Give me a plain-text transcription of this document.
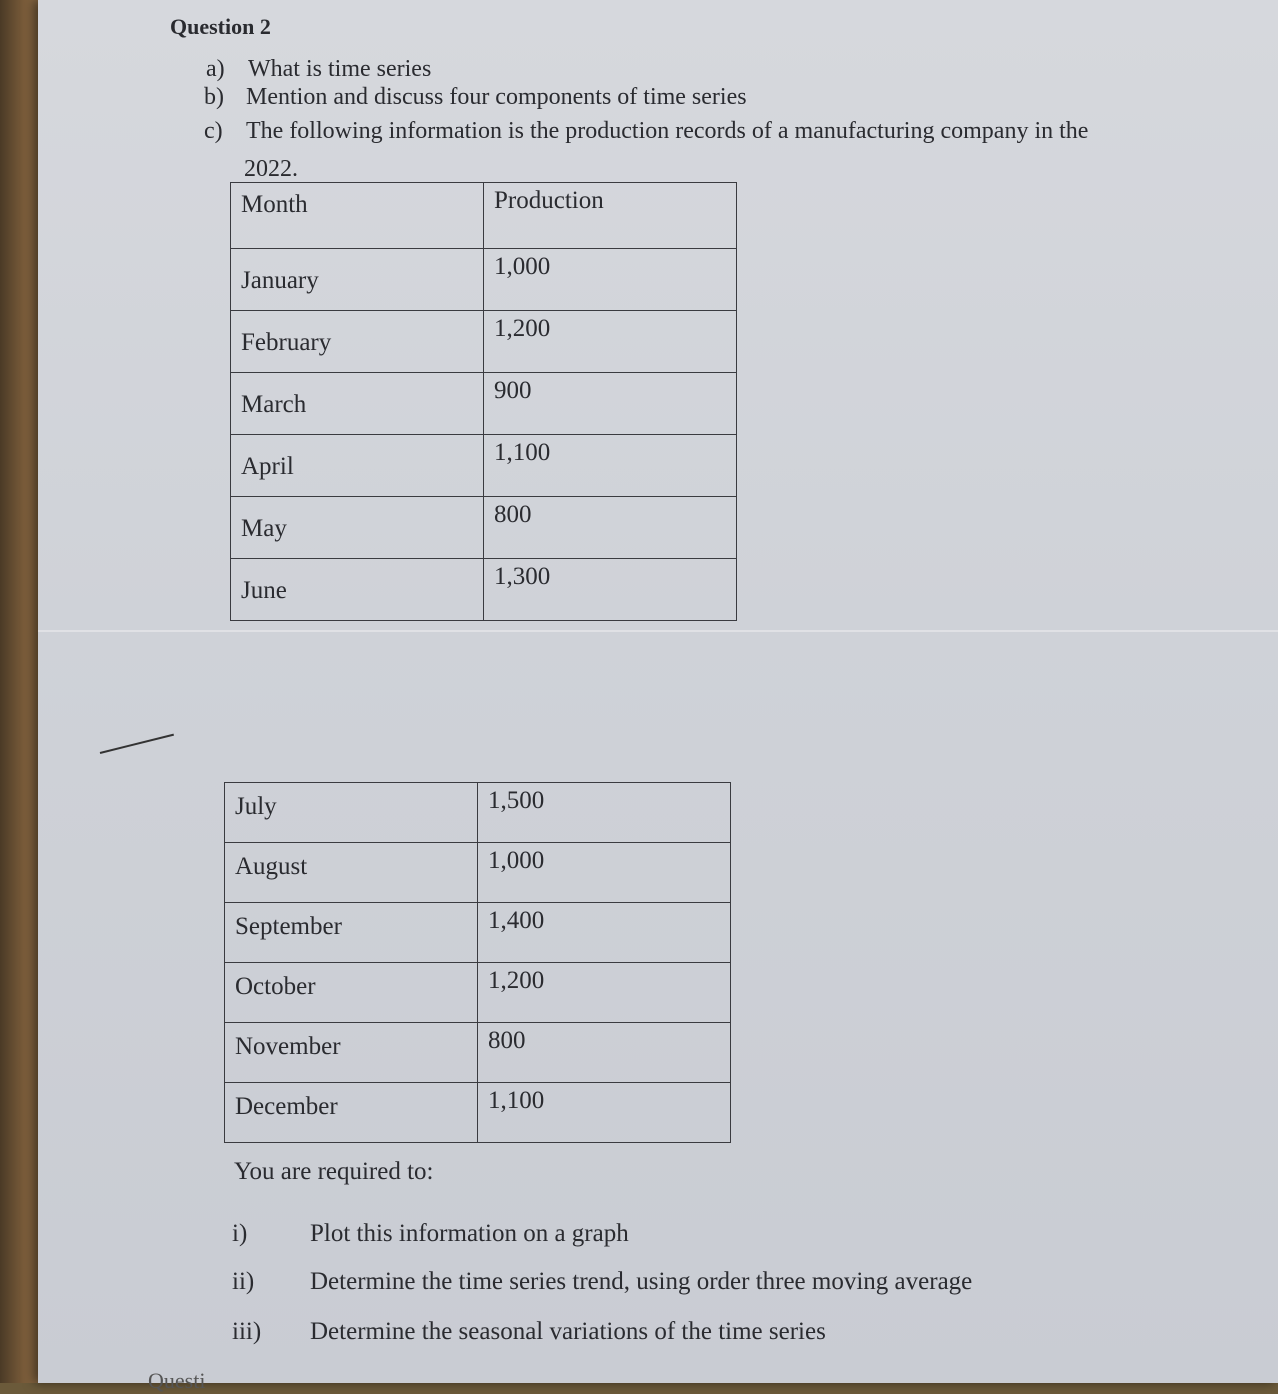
Question 2
a) What is time series
b) Mention and discuss four components of time series
c) The following information is the production records of a manufacturing company in the
2022.
Month	Production
January	1,000
February	1,200
March	900
April	1,100
May	800
June	1,300
July	1,500
August	1,000
September	1,400
October	1,200
November	800
December	1,100
You are required to:
i)	Plot this information on a graph
ii) Determine the time series trend, using order three moving average
iii) Determine the seasonal variations of the time series
Questi
